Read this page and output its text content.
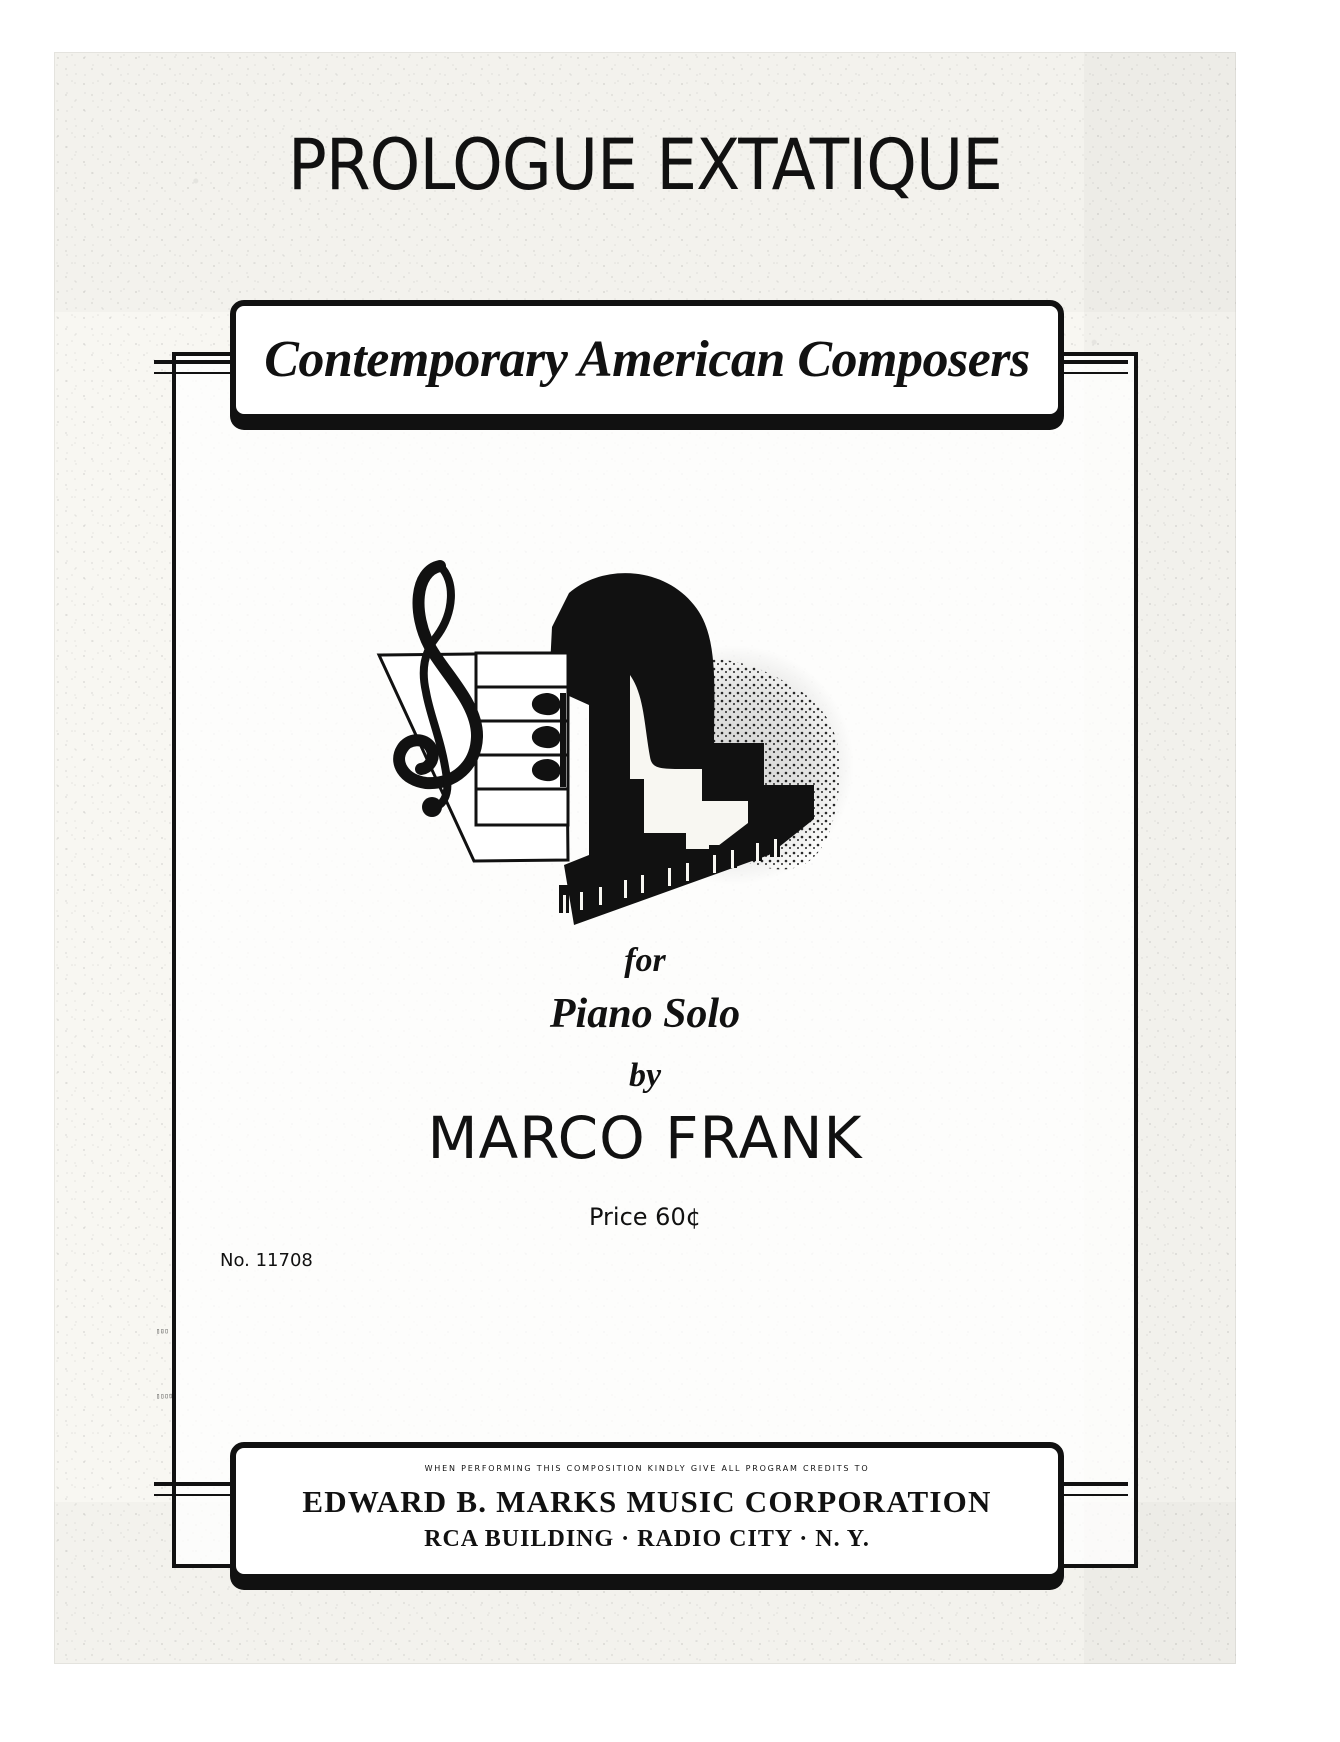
PROLOGUE EXTATIQUE
Contemporary American Composers
for
Piano Solo
by
MARCO FRANK
Price 60¢
No. 11708
WHEN PERFORMING THIS COMPOSITION KINDLY GIVE ALL PROGRAM CREDITS TO
EDWARD B. MARKS MUSIC CORPORATION
RCA BUILDING · RADIO CITY · N. Y.
▯▯▯
▯▯▯▯
